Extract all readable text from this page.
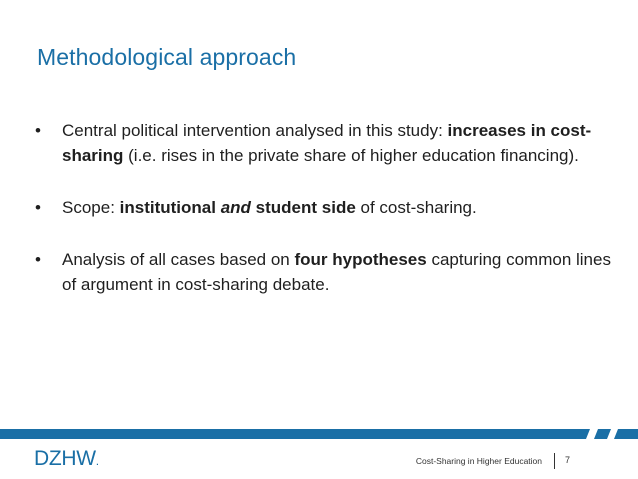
Methodological approach
• Central political intervention analysed in this study: increases in cost-sharing (i.e. rises in the private share of higher education financing).
• Scope: institutional and student side of cost-sharing.
• Analysis of all cases based on four hypotheses capturing common lines of argument in cost-sharing debate.
DZHW.	Cost-Sharing in Higher Education	7
